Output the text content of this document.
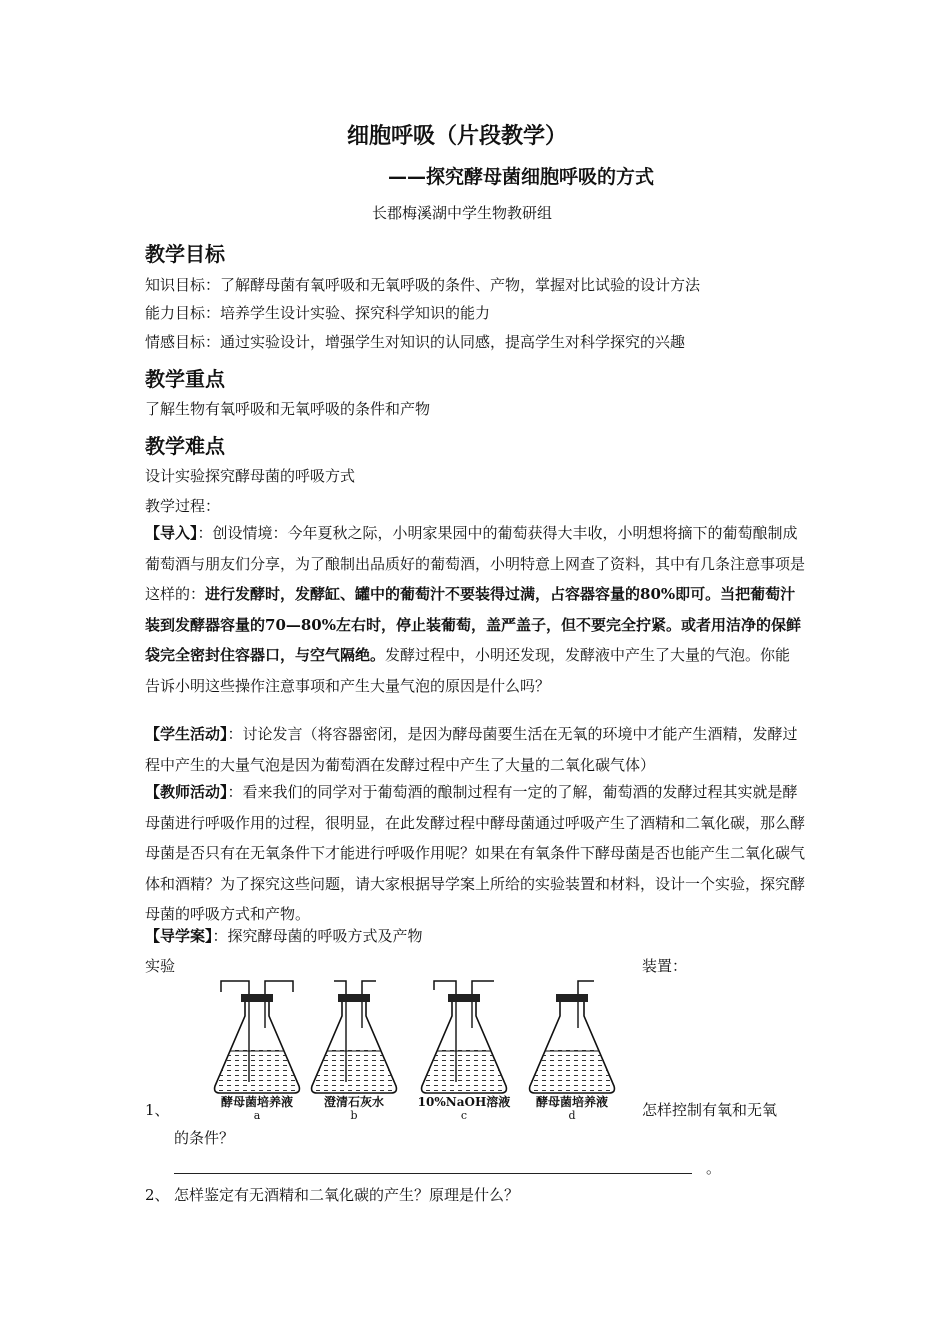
细胞呼吸（片段教学）
——探究酵母菌细胞呼吸的方式
长郡梅溪湖中学生物教研组
教学目标
知识目标：了解酵母菌有氧呼吸和无氧呼吸的条件、产物，掌握对比试验的设计方法
能力目标：培养学生设计实验、探究科学知识的能力
情感目标：通过实验设计，增强学生对知识的认同感，提高学生对科学探究的兴趣
教学重点
了解生物有氧呼吸和无氧呼吸的条件和产物
教学难点
设计实验探究酵母菌的呼吸方式
教学过程：
【导入】：创设情境：今年夏秋之际，小明家果园中的葡萄获得大丰收，小明想将摘下的葡萄酿制成葡萄酒与朋友们分享，为了酿制出品质好的葡萄酒，小明特意上网查了资料，其中有几条注意事项是这样的：进行发酵时，发酵缸、罐中的葡萄汁不要装得过满，占容器容量的80%即可。当把葡萄汁装到发酵器容量的70—80%左右时，停止装葡萄，盖严盖子，但不要完全拧紧。或者用洁净的保鲜袋完全密封住容器口，与空气隔绝。发酵过程中，小明还发现，发酵液中产生了大量的气泡。你能告诉小明这些操作注意事项和产生大量气泡的原因是什么吗？
【学生活动】：讨论发言（将容器密闭，是因为酵母菌要生活在无氧的环境中才能产生酒精，发酵过程中产生的大量气泡是因为葡萄酒在发酵过程中产生了大量的二氧化碳气体）
【教师活动】：看来我们的同学对于葡萄酒的酿制过程有一定的了解，葡萄酒的发酵过程其实就是酵母菌进行呼吸作用的过程，很明显，在此发酵过程中酵母菌通过呼吸产生了酒精和二氧化碳，那么酵母菌是否只有在无氧条件下才能进行呼吸作用呢？如果在有氧条件下酵母菌是否也能产生二氧化碳气体和酒精？为了探究这些问题，请大家根据导学案上所给的实验装置和材料，设计一个实验，探究酵母菌的呼吸方式和产物。
【导学案】：探究酵母菌的呼吸方式及产物
实验	装置：
酵母菌培养液
a
澄清石灰水
b
10%NaOH溶液
c
酵母菌培养液
d
1、	怎样控制有氧和无氧
的条件？
。
2、 怎样鉴定有无酒精和二氧化碳的产生？原理是什么？
